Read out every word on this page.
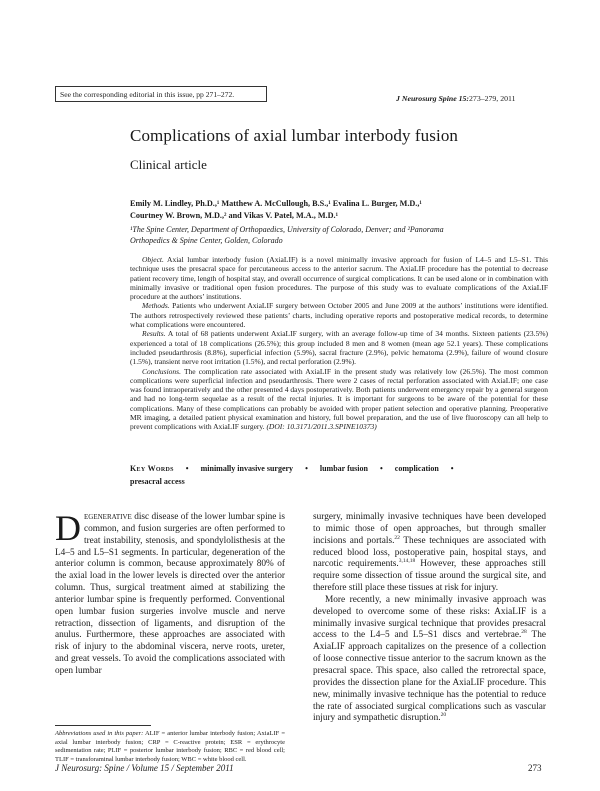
See the corresponding editorial in this issue, pp 271–272.	J Neurosurg Spine 15:273–279, 2011
Complications of axial lumbar interbody fusion
Clinical article
Emily M. Lindley, Ph.D.,¹ Matthew A. McCullough, B.S.,¹ Evalina L. Burger, M.D.,¹
Courtney W. Brown, M.D.,² and Vikas V. Patel, M.A., M.D.¹
¹The Spine Center, Department of Orthopaedics, University of Colorado, Denver; and ²Panorama
Orthopedics & Spine Center, Golden, Colorado

Object. Axial lumbar interbody fusion (AxiaLIF) is a novel minimally invasive approach for fusion of L4–5 and L5–S1. This technique uses the presacral space for percutaneous access to the anterior sacrum. The AxiaLIF procedure has the potential to decrease patient recovery time, length of hospital stay, and overall occurrence of surgical complications. It can be used alone or in combination with minimally invasive or traditional open fusion procedures. The purpose of this study was to evaluate complications of the AxiaLIF procedure at the authors’ institutions.

Methods. Patients who underwent AxiaLIF surgery between October 2005 and June 2009 at the authors’ institutions were identified. The authors retrospectively reviewed these patients’ charts, including operative reports and postoperative medical records, to determine what complications were encountered.

Results. A total of 68 patients underwent AxiaLIF surgery, with an average follow-up time of 34 months. Sixteen patients (23.5%) experienced a total of 18 complications (26.5%); this group included 8 men and 8 women (mean age 52.1 years). These complications included pseudarthrosis (8.8%), superficial infection (5.9%), sacral fracture (2.9%), pelvic hematoma (2.9%), failure of wound closure (1.5%), transient nerve root irritation (1.5%), and rectal perforation (2.9%).

Conclusions. The complication rate associated with AxiaLIF in the present study was relatively low (26.5%). The most common complications were superficial infection and pseudarthrosis. There were 2 cases of rectal perforation associated with AxiaLIF; one case was found intraoperatively and the other presented 4 days postoperatively. Both patients underwent emergency repair by a general surgeon and had no long-term sequelae as a result of the rectal injuries. It is important for surgeons to be aware of the potential for these complications. Many of these complications can probably be avoided with proper patient selection and operative planning. Preoperative MR imaging, a detailed patient physical examination and history, full bowel preparation, and the use of live fluoroscopy can all help to prevent complications with AxiaLIF surgery. (DOI: 10.3171/2011.3.SPINE10373)

Key Words • minimally invasive surgery • lumbar fusion • complication •
presacral access

Degenerative disc disease of the lower lumbar spine is common, and fusion surgeries are often performed to treat instability, stenosis, and spondylolisthesis at the L4–5 and L5–S1 segments. In particular, degeneration of the anterior column is common, because approximately 80% of the axial load in the lower levels is directed over the anterior column. Thus, surgical treatment aimed at stabilizing the anterior lumbar spine is frequently performed. Conventional open lumbar fusion surgeries involve muscle and nerve retraction, dissection of ligaments, and disruption of the anulus. Furthermore, these approaches are associated with risk of injury to the abdominal viscera, nerve roots, ureter, and great vessels. To avoid the complications associated with open lumbar

surgery, minimally invasive techniques have been developed to mimic those of open approaches, but through smaller incisions and portals.$^{22}$ These techniques are associated with reduced blood loss, postoperative pain, hospital stays, and narcotic requirements.$^{3,14,18}$ However, these approaches still require some dissection of tissue around the surgical site, and therefore still place these tissues at risk for injury.

More recently, a new minimally invasive approach was developed to overcome some of these risks: AxiaLIF is a minimally invasive surgical technique that provides presacral access to the L4–5 and L5–S1 discs and vertebrae.$^{28}$ The AxiaLIF approach capitalizes on the presence of a collection of loose connective tissue anterior to the sacrum known as the presacral space. This space, also called the retrorectal space, provides the dissection plane for the AxiaLIF procedure. This new, minimally invasive technique has the potential to reduce the rate of associated surgical complications such as vascular injury and sympathetic disruption.$^{20}$

Abbreviations used in this paper: ALIF = anterior lumbar interbody fusion; AxiaLIF = axial lumbar interbody fusion; CRP = C-reactive protein; ESR = erythrocyte sedimentation rate; PLIF = posterior lumbar interbody fusion; RBC = red blood cell; TLIF = transforaminal lumbar interbody fusion; WBC = white blood cell.
J Neurosurg: Spine / Volume 15 / September 2011	273
